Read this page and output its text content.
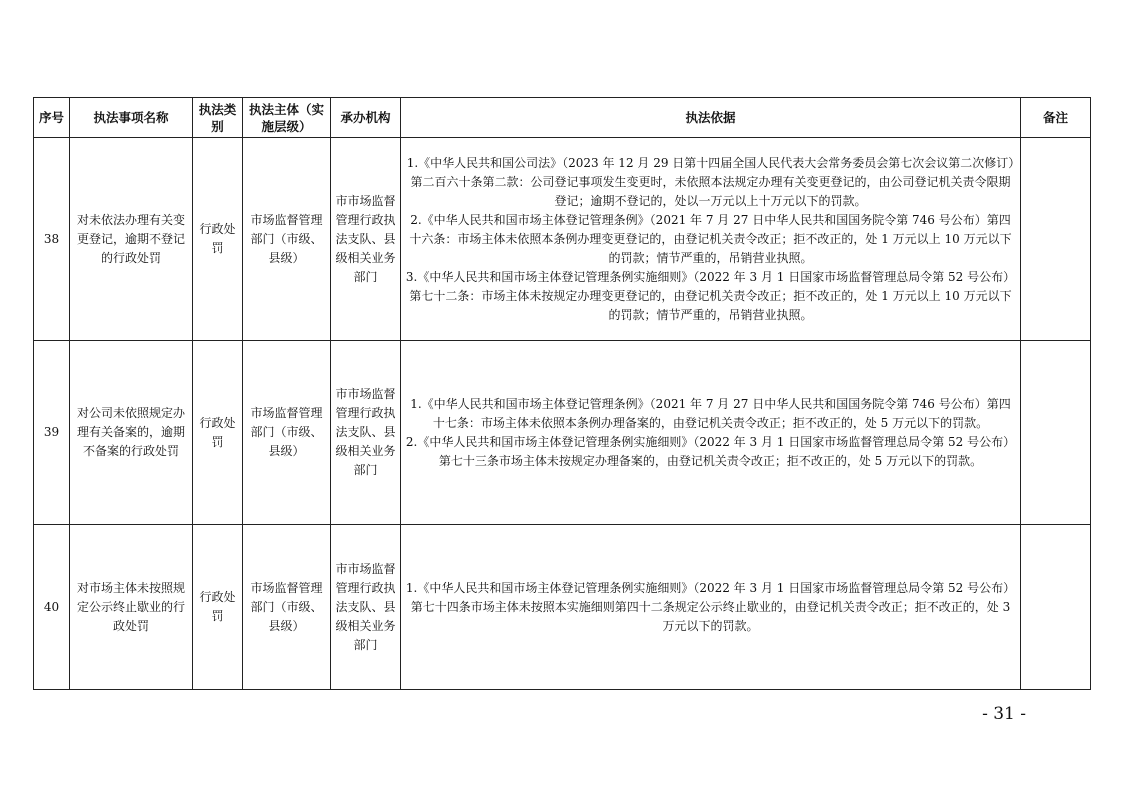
序号	执法事项名称	执法类别	执法主体（实施层级）	承办机构	执法依据	备注
38	对未依法办理有关变更登记，逾期不登记的行政处罚	行政处罚	市场监督管理部门（市级、县级）	市市场监督管理行政执法支队、县级相关业务部门	1.《中华人民共和国公司法》（2023 年 12 月 29 日第十四届全国人民代表大会常务委员会第七次会议第二次修订）第二百六十条第二款：公司登记事项发生变更时，未依照本法规定办理有关变更登记的，由公司登记机关责令限期登记；逾期不登记的，处以一万元以上十万元以下的罚款。
2.《中华人民共和国市场主体登记管理条例》（2021 年 7 月 27 日中华人民共和国国务院令第 746 号公布）第四十六条：市场主体未依照本条例办理变更登记的，由登记机关责令改正；拒不改正的，处 1 万元以上 10 万元以下的罚款；情节严重的，吊销营业执照。
3.《中华人民共和国市场主体登记管理条例实施细则》（2022 年 3 月 1 日国家市场监督管理总局令第 52 号公布）第七十二条：市场主体未按规定办理变更登记的，由登记机关责令改正；拒不改正的，处 1 万元以上 10 万元以下的罚款；情节严重的，吊销营业执照。	

39	对公司未依照规定办理有关备案的，逾期不备案的行政处罚	行政处罚	市场监督管理部门（市级、县级）	市市场监督管理行政执法支队、县级相关业务部门	1.《中华人民共和国市场主体登记管理条例》（2021 年 7 月 27 日中华人民共和国国务院令第 746 号公布）第四十七条：市场主体未依照本条例办理备案的，由登记机关责令改正；拒不改正的，处 5 万元以下的罚款。
2.《中华人民共和国市场主体登记管理条例实施细则》（2022 年 3 月 1 日国家市场监督管理总局令第 52 号公布）第七十三条市场主体未按规定办理备案的，由登记机关责令改正；拒不改正的，处 5 万元以下的罚款。	

40	对市场主体未按照规定公示终止歇业的行政处罚	行政处罚	市场监督管理部门（市级、县级）	市市场监督管理行政执法支队、县级相关业务部门	1.《中华人民共和国市场主体登记管理条例实施细则》（2022 年 3 月 1 日国家市场监督管理总局令第 52 号公布）第七十四条市场主体未按照本实施细则第四十二条规定公示终止歇业的，由登记机关责令改正；拒不改正的，处 3 万元以下的罚款。	

- 31 -
